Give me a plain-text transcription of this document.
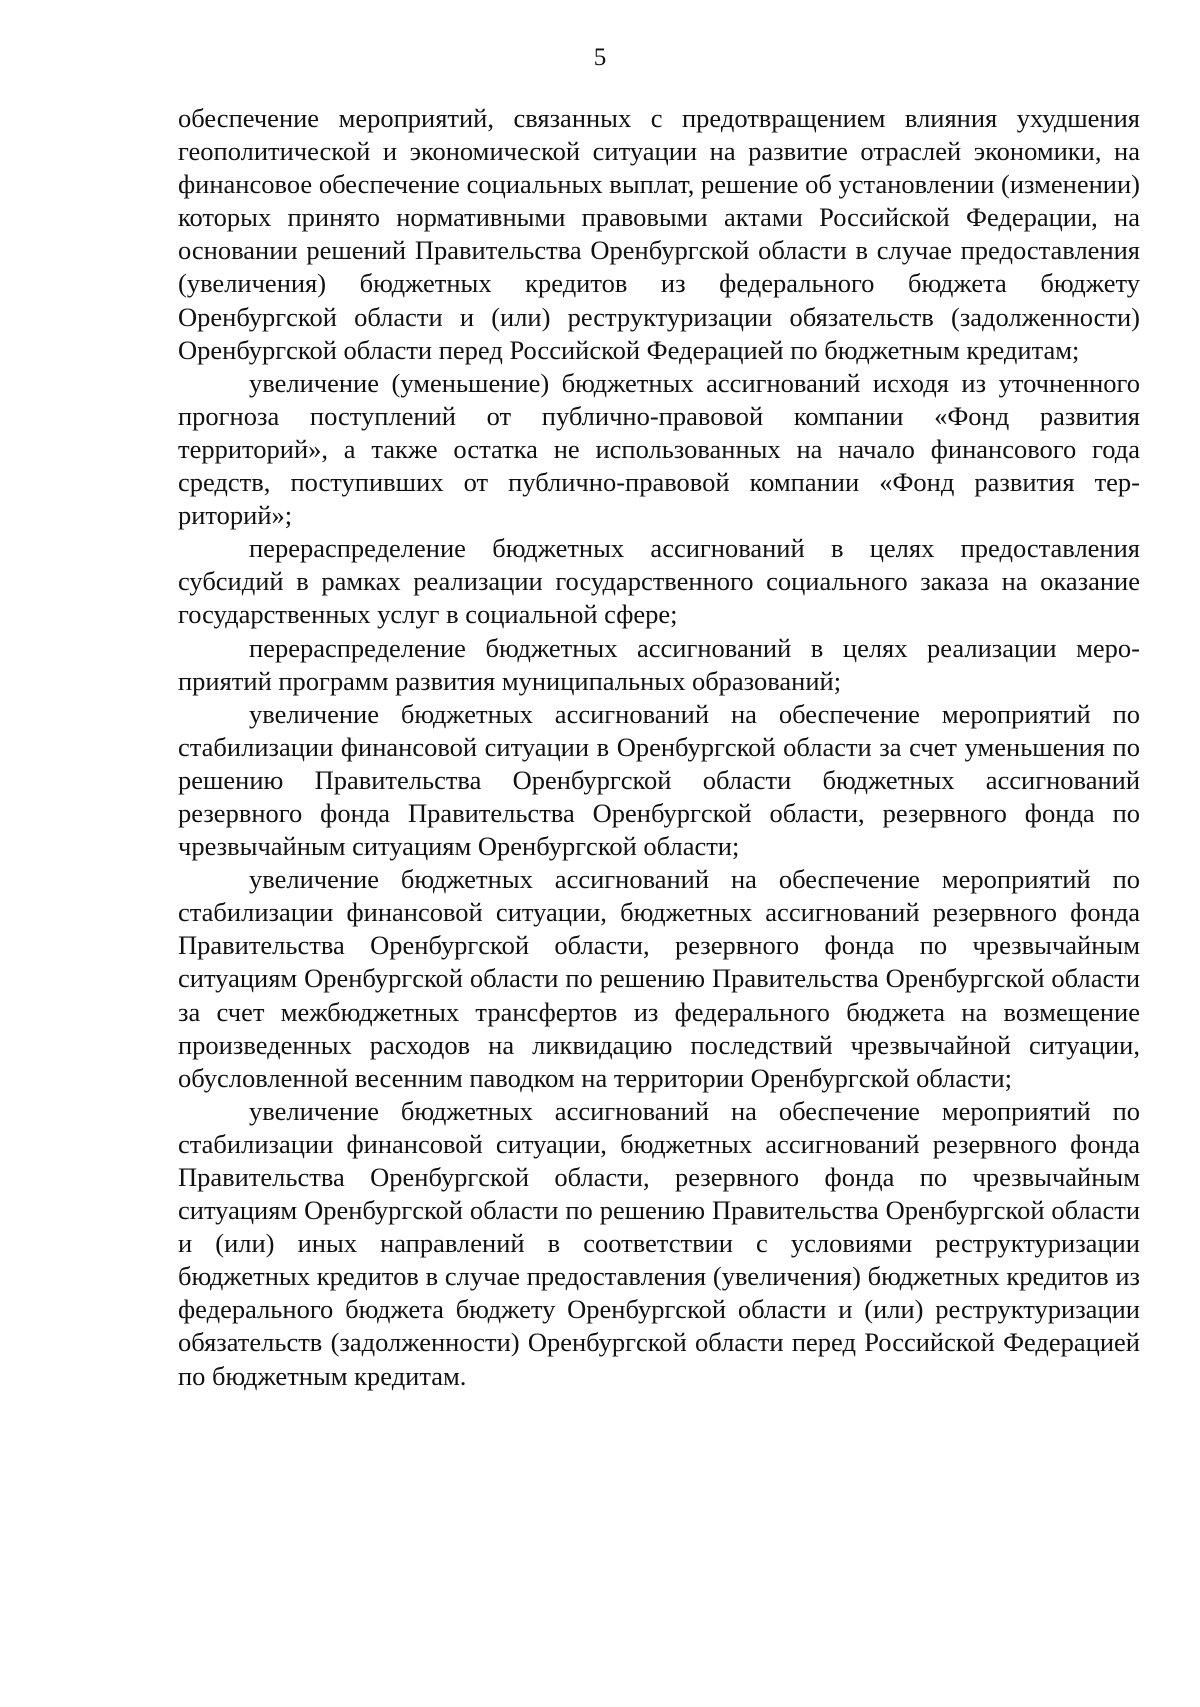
5

обеспечение мероприятий, связанных с предотвращением влияния ухудшения геополитической и экономической ситуации на развитие отраслей экономики, на финансовое обеспечение социальных выплат, решение об установлении (изменении) которых принято нормативными правовыми актами Российской Федерации, на основании решений Правительства Оренбургской области в случае предоставления (увеличения) бюджетных кредитов из федерального бюджета бюджету Оренбургской области и (или) реструктуризации обязательств (задолженности) Оренбургской области перед Российской Федерацией по бюджетным кредитам;

увеличение (уменьшение) бюджетных ассигнований исходя из уточненного прогноза поступлений от публично-правовой компании «Фонд развития территорий», а также остатка не использованных на начало финансового года средств, поступивших от публично-правовой компании «Фонд развития территорий»;

перераспределение бюджетных ассигнований в целях предоставления субсидий в рамках реализации государственного социального заказа на оказание государственных услуг в социальной сфере;

перераспределение бюджетных ассигнований в целях реализации мероприятий программ развития муниципальных образований;

увеличение бюджетных ассигнований на обеспечение мероприятий по стабилизации финансовой ситуации в Оренбургской области за счет уменьшения по решению Правительства Оренбургской области бюджетных ассигнований резервного фонда Правительства Оренбургской области, резервного фонда по чрезвычайным ситуациям Оренбургской области;

увеличение бюджетных ассигнований на обеспечение мероприятий по стабилизации финансовой ситуации, бюджетных ассигнований резервного фонда Правительства Оренбургской области, резервного фонда по чрезвычайным ситуациям Оренбургской области по решению Правительства Оренбургской области за счет межбюджетных трансфертов из федерального бюджета на возмещение произведенных расходов на ликвидацию последствий чрезвычайной ситуации, обусловленной весенним паводком на территории Оренбургской области;

увеличение бюджетных ассигнований на обеспечение мероприятий по стабилизации финансовой ситуации, бюджетных ассигнований резервного фонда Правительства Оренбургской области, резервного фонда по чрезвычайным ситуациям Оренбургской области по решению Правительства Оренбургской области и (или) иных направлений в соответствии с условиями реструктуризации бюджетных кредитов в случае предоставления (увеличения) бюджетных кредитов из федерального бюджета бюджету Оренбургской области и (или) реструктуризации обязательств (задолженности) Оренбургской области перед Российской Федерацией по бюджетным кредитам.
